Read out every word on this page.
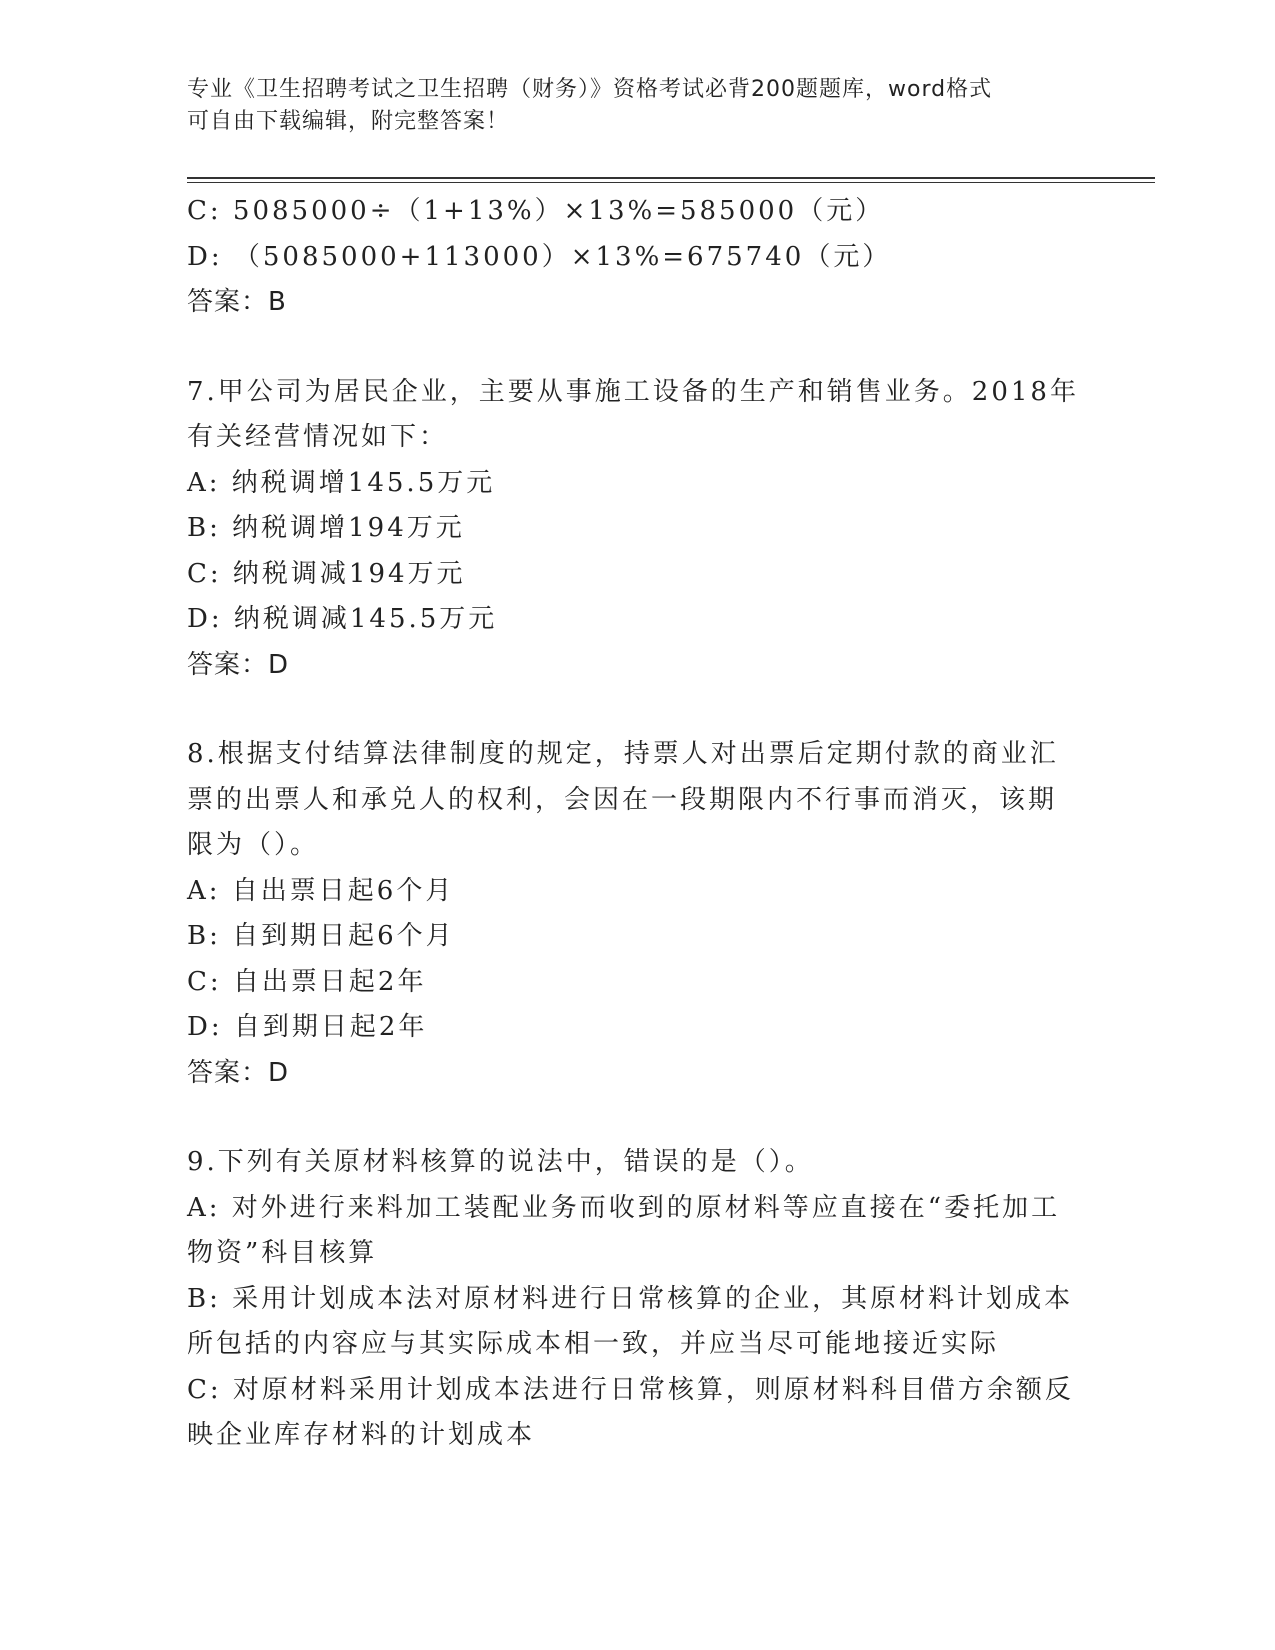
专业《卫生招聘考试之卫生招聘（财务）》资格考试必背200题题库，word格式
可自由下载编辑，附完整答案！
C: 5085000÷（1+13%）×13%=585000（元）
D: （5085000+113000）×13%=675740（元）
答案：B
7.甲公司为居民企业，主要从事施工设备的生产和销售业务。2018年
有关经营情况如下：
A: 纳税调增145.5万元
B: 纳税调增194万元
C: 纳税调减194万元
D: 纳税调减145.5万元
答案：D
8.根据支付结算法律制度的规定，持票人对出票后定期付款的商业汇
票的出票人和承兑人的权利，会因在一段期限内不行事而消灭，该期
限为（）。
A: 自出票日起6个月
B: 自到期日起6个月
C: 自出票日起2年
D: 自到期日起2年
答案：D
9.下列有关原材料核算的说法中，错误的是（）。
A: 对外进行来料加工装配业务而收到的原材料等应直接在“委托加工
物资”科目核算
B: 采用计划成本法对原材料进行日常核算的企业，其原材料计划成本
所包括的内容应与其实际成本相一致，并应当尽可能地接近实际
C: 对原材料采用计划成本法进行日常核算，则原材料科目借方余额反
映企业库存材料的计划成本
